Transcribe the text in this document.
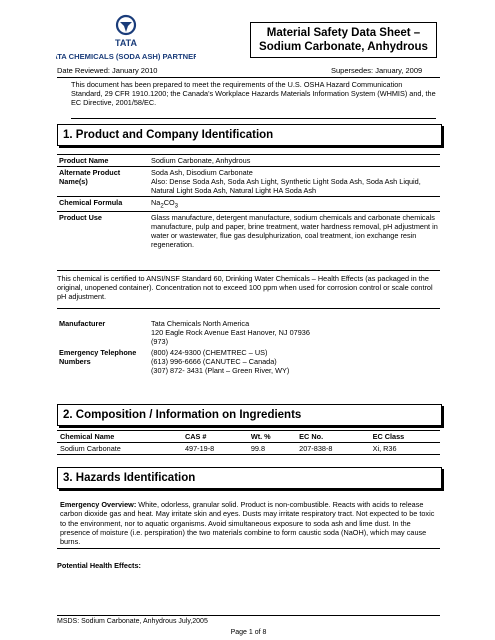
TATA
TATA CHEMICALS (SODA ASH) PARTNERS
Material Safety Data Sheet – Sodium Carbonate, Anhydrous
Date Reviewed: January 2010	Supersedes: January, 2009
This document has been prepared to meet the requirements of the U.S. OSHA Hazard Communication Standard, 29 CFR 1910.1200; the Canada's Workplace Hazards Materials Information System (WHMIS) and, the EC Directive, 2001/58/EC.
1. Product and Company Identification
Product Name	Sodium Carbonate, Anhydrous
Alternate Product Name(s)	Soda Ash, Disodium Carbonate
Also: Dense Soda Ash, Soda Ash Light, Synthetic Light Soda Ash, Soda Ash Liquid, Natural Light Soda Ash, Natural Light HA Soda Ash
Chemical Formula	$Na_2CO_3$
Product Use	Glass manufacture, detergent manufacture, sodium chemicals and carbonate chemicals manufacture, pulp and paper, brine treatment, water hardness removal, pH adjustment in water or wastewater, flue gas desulphurization, coal treatment, ion exchange resin regeneration.
This chemical is certified to ANSI/NSF Standard 60, Drinking Water Chemicals – Health Effects (as packaged in the original, unopened container). Concentration not to exceed 100 ppm when used for corrosion control or scale control pH adjustment.
Manufacturer	Tata Chemicals North America
120 Eagle Rock Avenue East Hanover, NJ 07936
(973)
Emergency Telephone Numbers	(800) 424-9300 (CHEMTREC – US)
(613) 996-6666 (CANUTEC – Canada)
(307) 872- 3431 (Plant – Green River, WY)
2. Composition / Information on Ingredients
Chemical Name	CAS #	Wt. %	EC No.	EC Class
Sodium Carbonate	497-19-8	99.8	207-838-8	Xi, R36
3. Hazards Identification
Emergency Overview: White, odorless, granular solid. Product is non-combustible. Reacts with acids to release carbon dioxide gas and heat. May irritate skin and eyes. Dusts may irritate respiratory tract. Not expected to be toxic to the environment, nor to aquatic organisms. Avoid simultaneous exposure to soda ash and lime dust. In the presence of moisture (i.e. perspiration) the two materials combine to form caustic soda (NaOH), which may cause burns.
Potential Health Effects:
MSDS: Sodium Carbonate, Anhydrous July,2005
Page 1 of 8
